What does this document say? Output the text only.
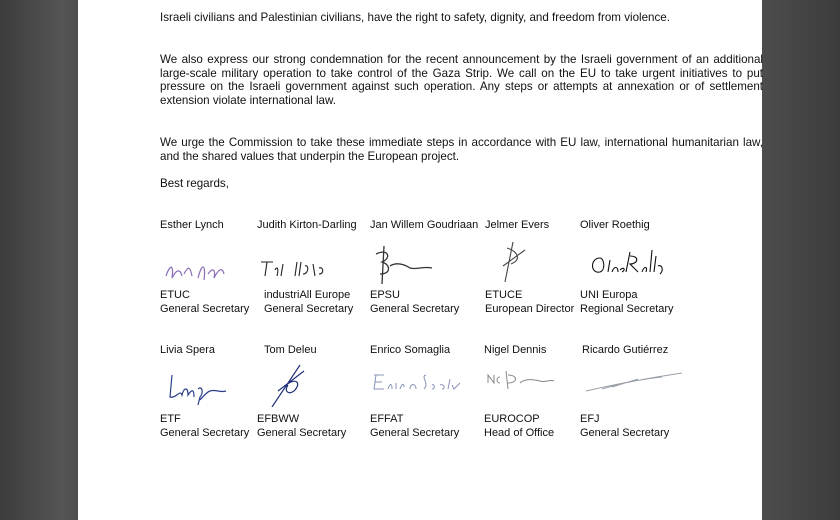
Israeli civilians and Palestinian civilians, have the right to safety, dignity, and freedom from violence.

We also express our strong condemnation for the recent announcement by the Israeli government of an additional large-scale military operation to take control of the Gaza Strip. We call on the EU to take urgent initiatives to put pressure on the Israeli government against such operation. Any steps or attempts at annexation or of settlement extension violate international law.

We urge the Commission to take these immediate steps in accordance with EU law, international humanitarian law, and the shared values that underpin the European project.

Best regards,

Esther Lynch
ETUC
General Secretary
Judith Kirton-Darling
industriAll Europe
General Secretary
Jan Willem Goudriaan
EPSU
General Secretary
Jelmer Evers
ETUCE
European Director
Oliver Roethig
UNI Europa
Regional Secretary
Livia Spera
ETF
General Secretary
Tom Deleu
EFBWW
General Secretary
Enrico Somaglia
EFFAT
General Secretary
Nigel Dennis
EUROCOP
Head of Office
Ricardo Gutiérrez
EFJ
General Secretary
